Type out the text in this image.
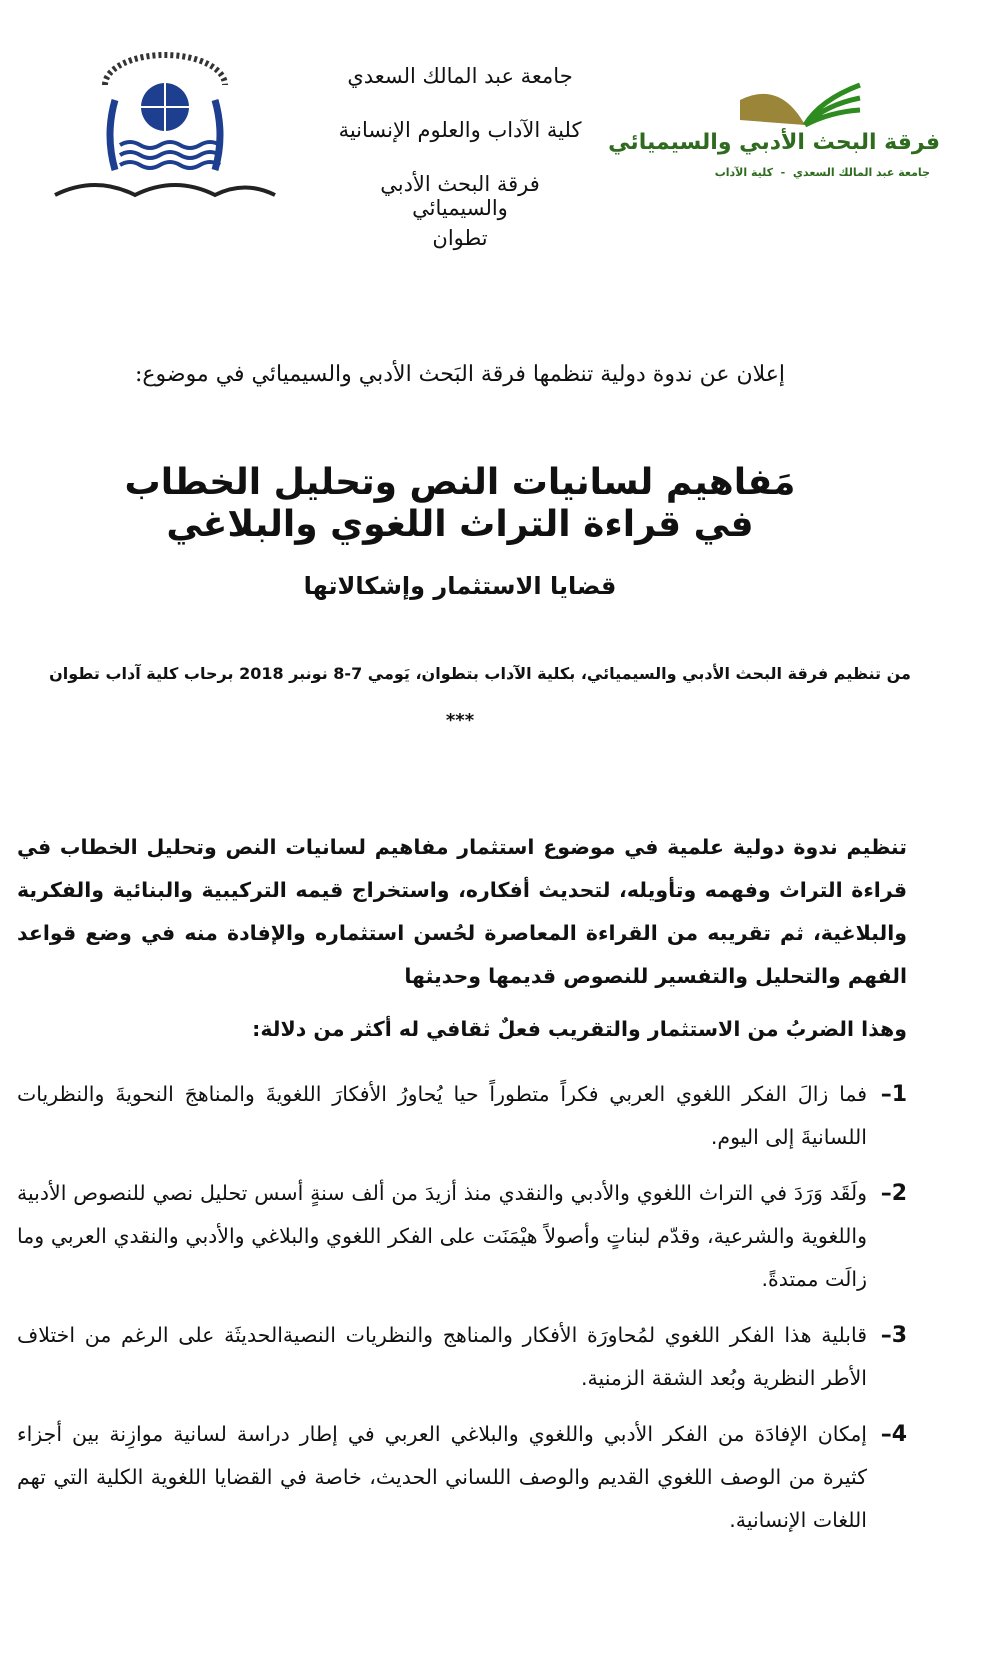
جامعة عبد المالك السعدي
كلية الآداب والعلوم الإنسانية
فرقة البحث الأدبي والسيميائي
تطوان
فرقة البحث الأدبي والسيميائي
جامعة عبد المالك السعدي  -  كلية الآداب
إعلان عن ندوة دولية تنظمها فرقة البَحث الأدبي والسيميائي في موضوع:
مَفاهيم لسانيات النص وتحليل الخطاب
في قراءة التراث اللغوي والبلاغي
قضايا الاستثمار وإشكالاتها
من تنظيم فرقة البحث الأدبي والسيميائي، بكلية الآداب بتطوان، يَومي 7-8 نونبر 2018 برحاب كلية آداب تطوان
***

تنظيم ندوة دولية علمية في موضوع استثمار مفاهيم لسانيات النص وتحليل الخطاب في قراءة التراث وفهمه وتأويله، لتحديث أفكاره، واستخراج قيمه التركيبية والبنائية والفكرية والبلاغية، ثم تقريبه من القراءة المعاصرة لحُسن استثماره والإفادة منه في وضع قواعد الفهم والتحليل والتفسير للنصوص قديمها وحديثها

وهذا الضربُ من الاستثمار والتقريب فعلٌ ثقافي له أكثر من دلالة:

1–
فما زالَ الفكر اللغوي العربي فكراً متطوراً حيا يُحاورُ الأفكارَ اللغويةَ والمناهجَ النحويةَ والنظريات اللسانيةَ إلى اليوم.
2–
ولَقَد وَرَدَ في التراث اللغوي والأدبي والنقدي منذ أزيدَ من ألف سنةٍ أسس تحليل نصي للنصوص الأدبية واللغوية والشرعية، وقدّم لبناتٍ وأصولاً هيْمَنَت على الفكر اللغوي والبلاغي والأدبي والنقدي العربي وما زالَت ممتدةً.
3–
قابلية هذا الفكر اللغوي لمُحاورَة الأفكار والمناهج والنظريات النصيةالحديثَة على الرغم من اختلاف الأطر النظرية وبُعد الشقة الزمنية.
4–
إمكان الإفادَة من الفكر الأدبي واللغوي والبلاغي العربي في إطار دراسة لسانية موازِنة بين أجزاء كثيرة من الوصف اللغوي القديم والوصف اللساني الحديث، خاصة في القضايا اللغوية الكلية التي تهم اللغات الإنسانية.
